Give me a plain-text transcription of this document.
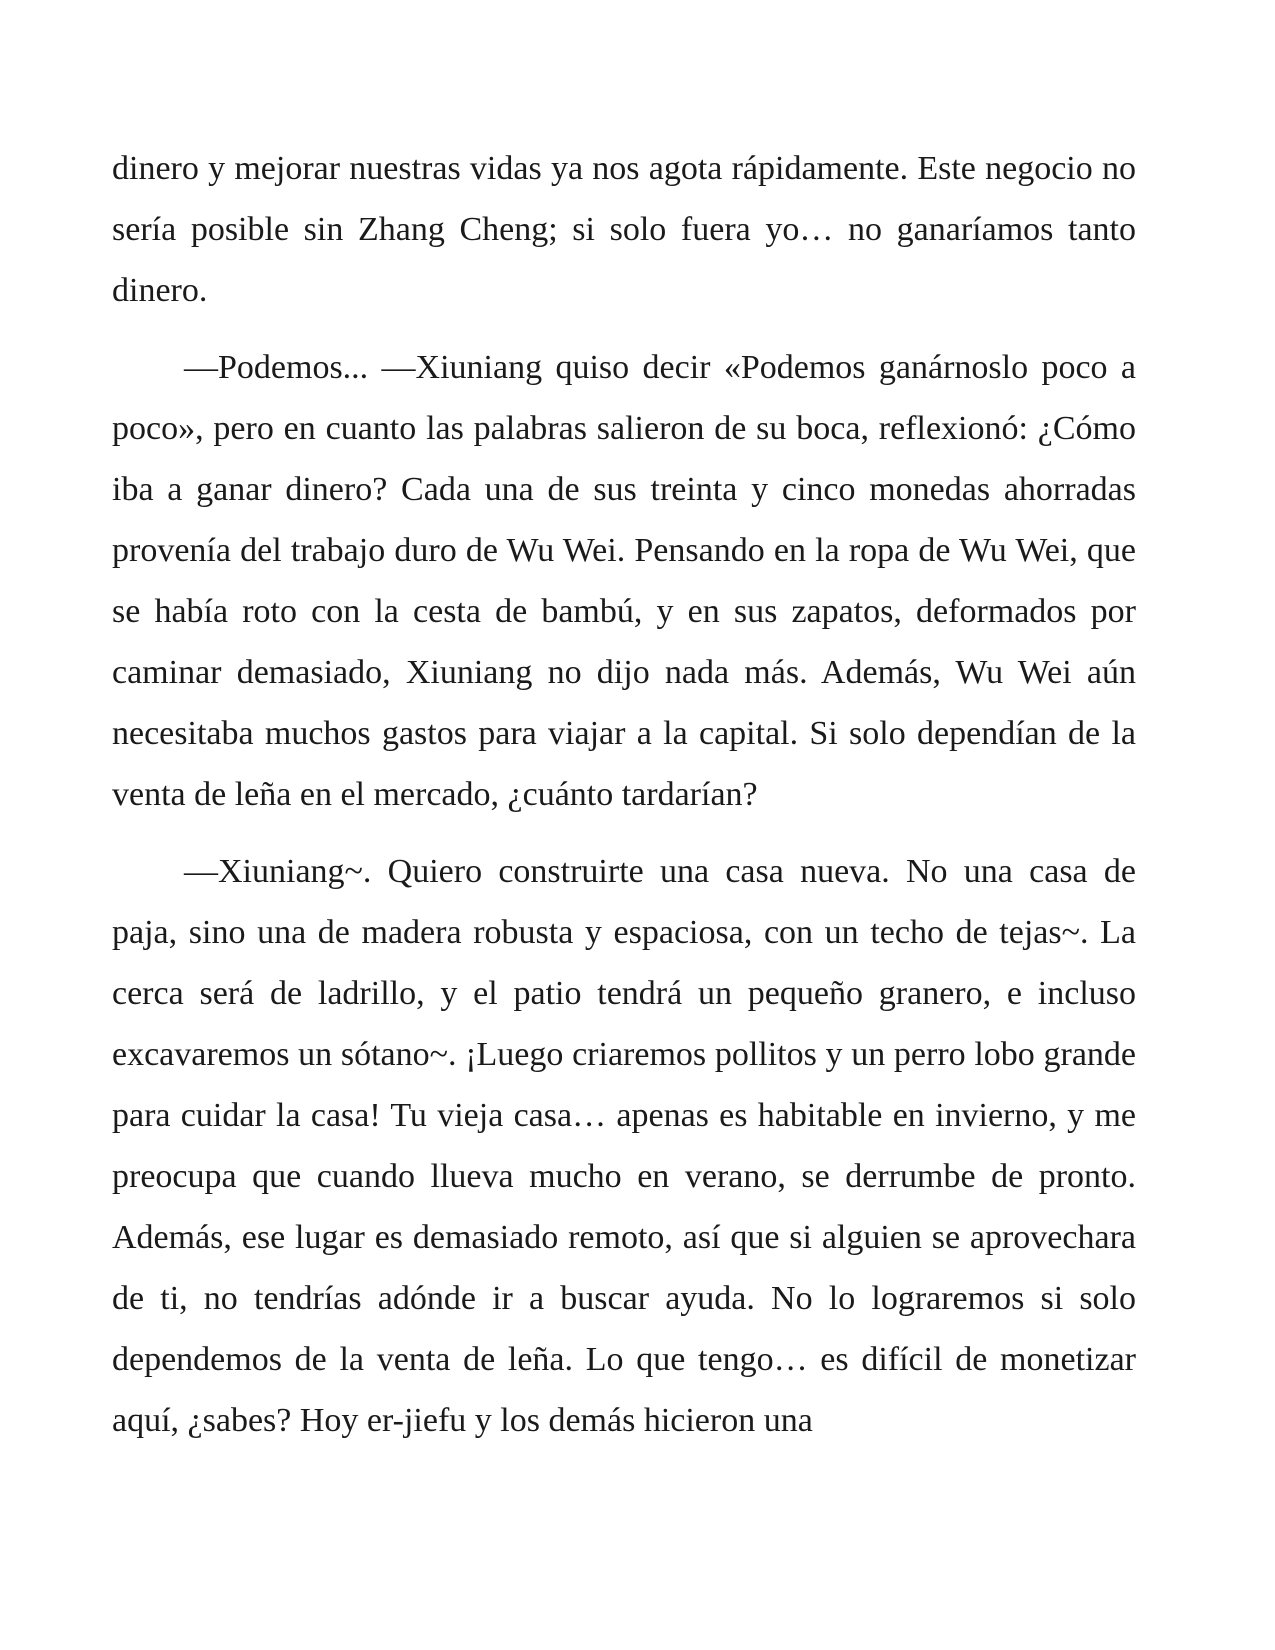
dinero y mejorar nuestras vidas ya nos agota rápidamente. Este negocio no sería posible sin Zhang Cheng; si solo fuera yo… no ganaríamos tanto dinero.

—Podemos... —Xiuniang quiso decir «Podemos ganárnoslo poco a poco», pero en cuanto las palabras salieron de su boca, reflexionó: ¿Cómo iba a ganar dinero? Cada una de sus treinta y cinco monedas ahorradas provenía del trabajo duro de Wu Wei. Pensando en la ropa de Wu Wei, que se había roto con la cesta de bambú, y en sus zapatos, deformados por caminar demasiado, Xiuniang no dijo nada más. Además, Wu Wei aún necesitaba muchos gastos para viajar a la capital. Si solo dependían de la venta de leña en el mercado, ¿cuánto tardarían?

—Xiuniang~. Quiero construirte una casa nueva. No una casa de paja, sino una de madera robusta y espaciosa, con un techo de tejas~. La cerca será de ladrillo, y el patio tendrá un pequeño granero, e incluso excavaremos un sótano~. ¡Luego criaremos pollitos y un perro lobo grande para cuidar la casa! Tu vieja casa… apenas es habitable en invierno, y me preocupa que cuando llueva mucho en verano, se derrumbe de pronto. Además, ese lugar es demasiado remoto, así que si alguien se aprovechara de ti, no tendrías adónde ir a buscar ayuda. No lo lograremos si solo dependemos de la venta de leña. Lo que tengo… es difícil de monetizar aquí, ¿sabes? Hoy er-jiefu y los demás hicieron una
